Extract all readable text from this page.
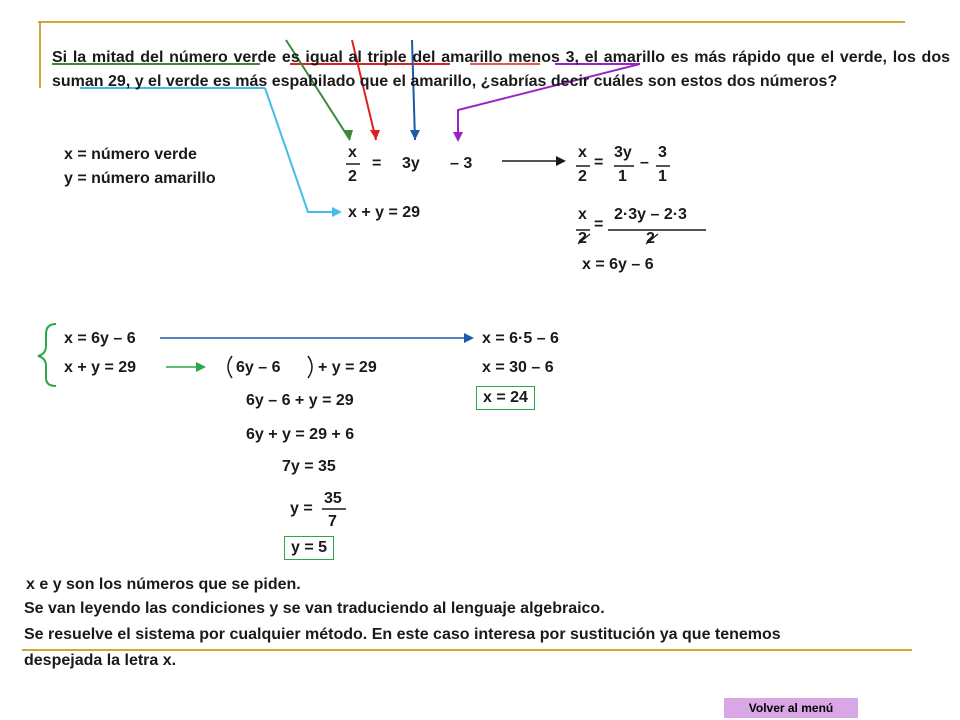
Si la mitad del número verde es igual al triple del amarillo menos 3, el amarillo es más rápido que el verde, los dos suman 29, y el verde es más espabilado que el amarillo, ¿sabrías decir cuáles son estos dos números?
x = número verde
y = número amarillo
x
2
= 3y – 3
x + y = 29
x
2
=
3y
1
–
3
1
x
2
=
2·3y – 2·3
2
x = 6y – 6
x = 6y – 6
x + y = 29	6y – 6 + y = 29
6y – 6 + y = 29
6y + y = 29 + 6
7y = 35
y =
35
7
y = 5
x = 6·5 – 6
x = 30 – 6
x = 24
x e y son los números que se piden.
Se van leyendo las condiciones y se van traduciendo al lenguaje algebraico.
Se resuelve el sistema por cualquier método. En este caso interesa por sustitución ya que tenemos
despejada la letra x.
Volver al menú
